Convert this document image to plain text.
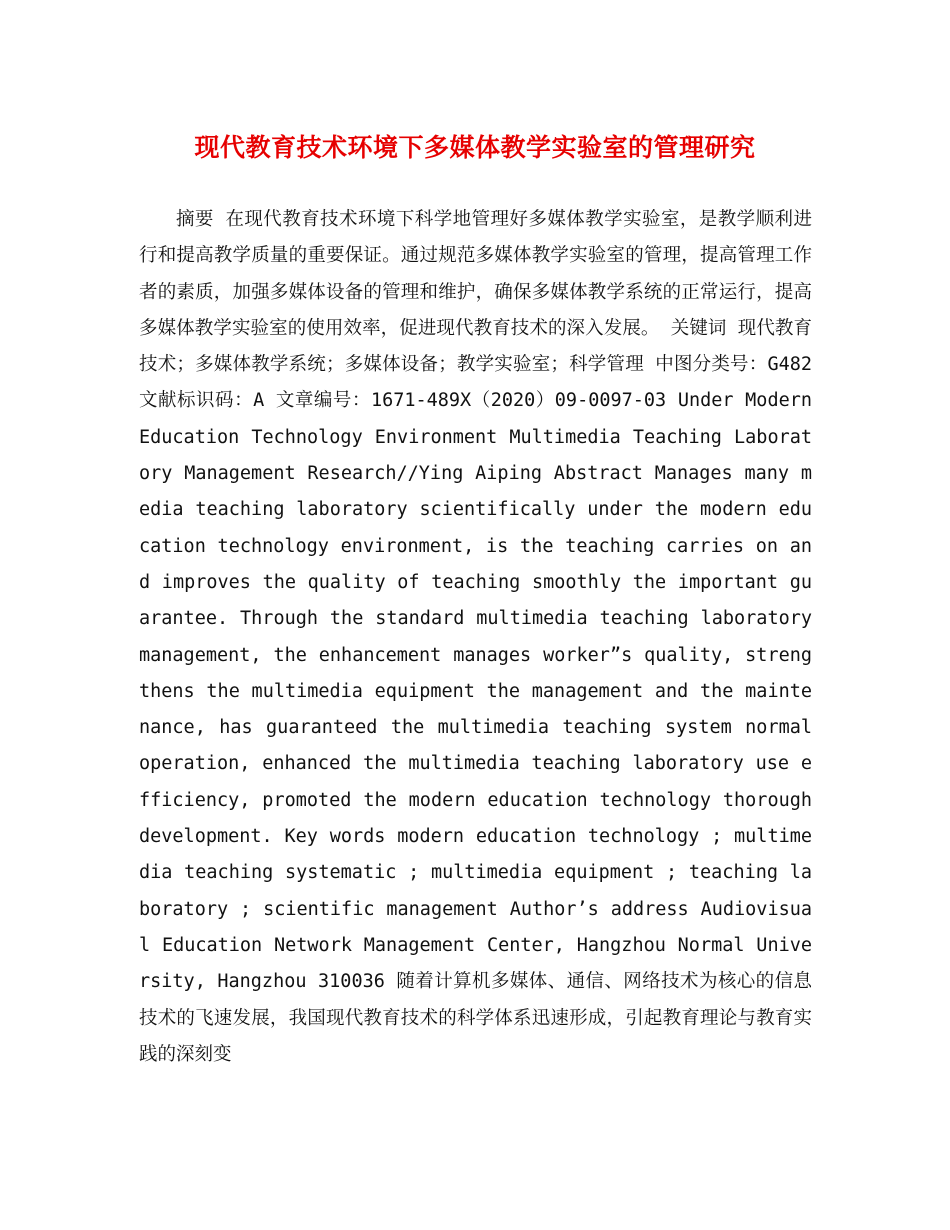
现代教育技术环境下多媒体教学实验室的管理研究
摘要 在现代教育技术环境下科学地管理好多媒体教学实验室，是教学顺利进行和提高教学质量的重要保证。通过规范多媒体教学实验室的管理，提高管理工作者的素质，加强多媒体设备的管理和维护，确保多媒体教学系统的正常运行，提高多媒体教学实验室的使用效率，促进现代教育技术的深入发展。 关键词 现代教育技术；多媒体教学系统；多媒体设备；教学实验室；科学管理 中图分类号：G482 文献标识码：A 文章编号：1671-489X（2020）09-0097-03 Under Modern Education Technology Environment Multimedia Teaching Laboratory Management Research//Ying Aiping Abstract Manages many media teaching laboratory scientifically under the modern education technology environment, is the teaching carries on and improves the quality of teaching smoothly the important guarantee. Through the standard multimedia teaching laboratory management, the enhancement manages worker”s quality, strengthens the multimedia equipment the management and the maintenance, has guaranteed the multimedia teaching system normal operation, enhanced the multimedia teaching laboratory use efficiency, promoted the modern education technology thorough development. Key words modern education technology ; multimedia teaching systematic ; multimedia equipment ; teaching laboratory ; scientific management Author’s address Audiovisual Education Network Management Center, Hangzhou Normal University, Hangzhou 310036 随着计算机多媒体、通信、网络技术为核心的信息技术的飞速发展，我国现代教育技术的科学体系迅速形成，引起教育理论与教育实践的深刻变
